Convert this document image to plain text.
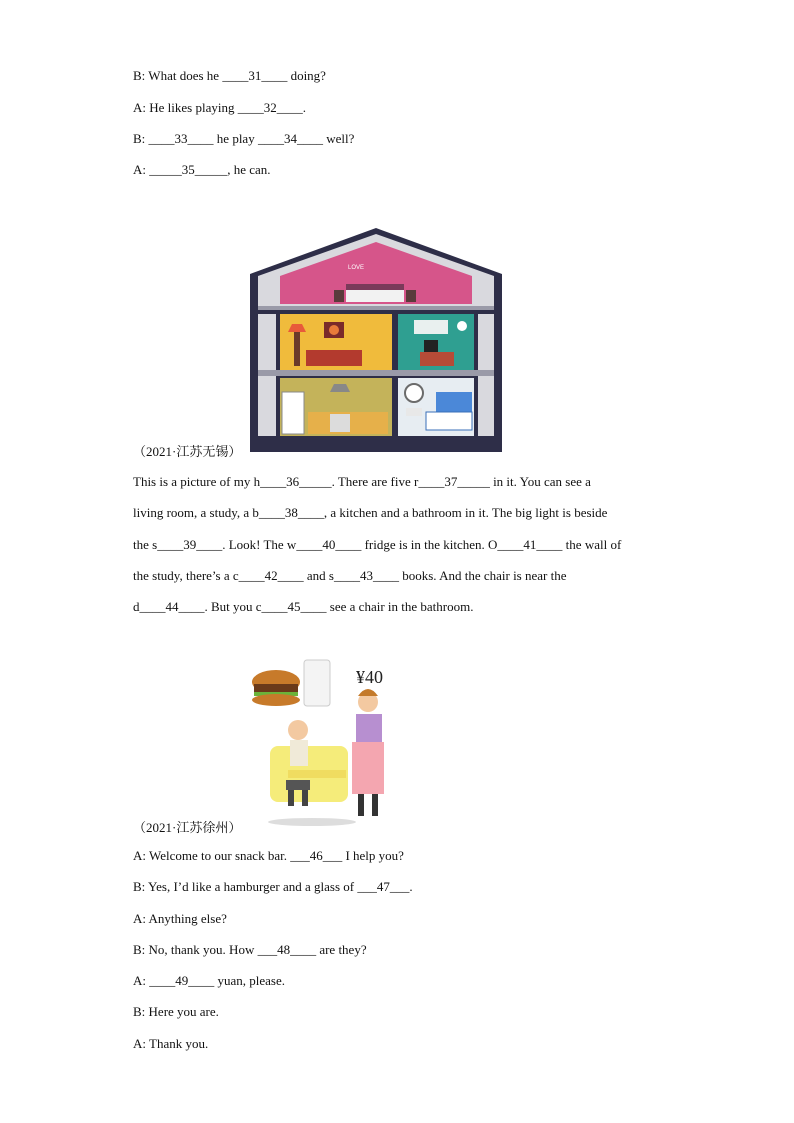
B: What does he ____31____ doing?
A: He likes playing ____32____.
B: ____33____ he play ____34____ well?
A: _____35_____, he can.
LOVE
（2021·江苏无锡）
This is a picture of my h____36_____. There are five r____37_____ in it. You can see a
living room, a study, a b____38____, a kitchen and a bathroom in it. The big light is beside
the s____39____. Look! The w____40____ fridge is in the kitchen. O____41____ the wall of
the study, there’s a c____42____ and s____43____ books. And the chair is near the
d____44____. But you c____45____ see a chair in the bathroom.
¥40
（2021·江苏徐州）
A: Welcome to our snack bar. ___46___ I help you?
B: Yes, I’d like a hamburger and a glass of ___47___.
A: Anything else?
B: No, thank you. How ___48____ are they?
A: ____49____ yuan, please.
B: Here you are.
A: Thank you.
